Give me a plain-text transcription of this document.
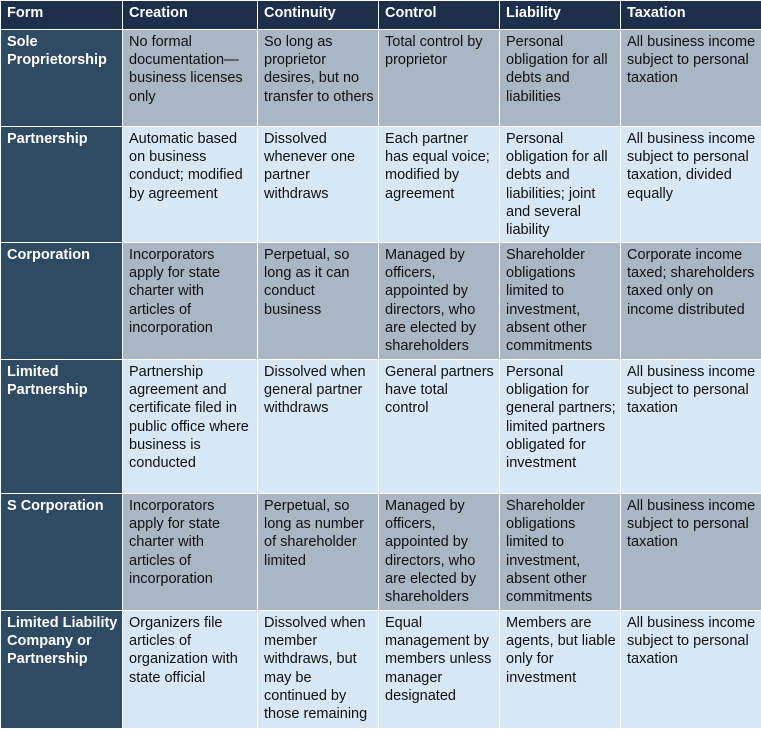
Form	Creation	Continuity	Control	Liability	Taxation
Sole Proprietorship	No formal documentation—business licenses only	So long as proprietor desires, but no transfer to others	Total control by proprietor	Personal obligation for all debts and liabilities	All business income subject to personal taxation
Partnership	Automatic based on business conduct; modified by agreement	Dissolved whenever one partner withdraws	Each partner has equal voice; modified by agreement	Personal obligation for all debts and liabilities; joint and several liability	All business income subject to personal taxation, divided equally
Corporation	Incorporators apply for state charter with articles of incorporation	Perpetual, so long as it can conduct business	Managed by officers, appointed by directors, who are elected by shareholders	Shareholder obligations limited to investment, absent other commitments	Corporate income taxed; shareholders taxed only on income distributed
Limited Partnership	Partnership agreement and certificate filed in public office where business is conducted	Dissolved when general partner withdraws	General partners have total control	Personal obligation for general partners; limited partners obligated for investment	All business income subject to personal taxation
S Corporation	Incorporators apply for state charter with articles of incorporation	Perpetual, so long as number of shareholder limited	Managed by officers, appointed by directors, who are elected by shareholders	Shareholder obligations limited to investment, absent other commitments	All business income subject to personal taxation
Limited Liability Company or Partnership	Organizers file articles of organization with state official	Dissolved when member withdraws, but may be continued by those remaining	Equal management by members unless manager designated	Members are agents, but liable only for investment	All business income subject to personal taxation
